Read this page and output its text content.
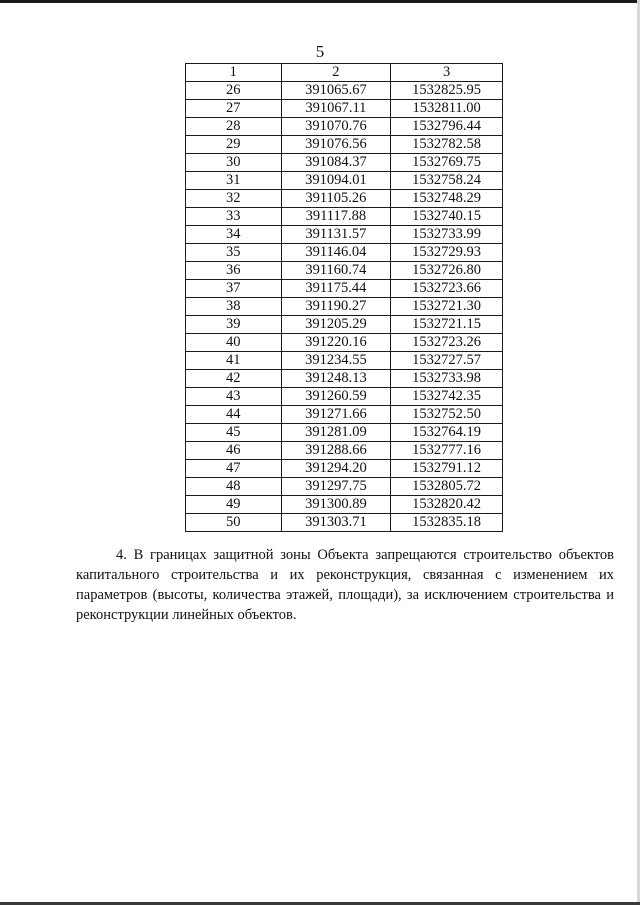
5
1	2	3
26	391065.67	1532825.95
27	391067.11	1532811.00
28	391070.76	1532796.44
29	391076.56	1532782.58
30	391084.37	1532769.75
31	391094.01	1532758.24
32	391105.26	1532748.29
33	391117.88	1532740.15
34	391131.57	1532733.99
35	391146.04	1532729.93
36	391160.74	1532726.80
37	391175.44	1532723.66
38	391190.27	1532721.30
39	391205.29	1532721.15
40	391220.16	1532723.26
41	391234.55	1532727.57
42	391248.13	1532733.98
43	391260.59	1532742.35
44	391271.66	1532752.50
45	391281.09	1532764.19
46	391288.66	1532777.16
47	391294.20	1532791.12
48	391297.75	1532805.72
49	391300.89	1532820.42
50	391303.71	1532835.18

4. В границах защитной зоны Объекта запрещаются строительство объектов капитального строительства и их реконструкция, связанная с изменением их параметров (высоты, количества этажей, площади), за исключением строительства и реконструкции линейных объектов.
